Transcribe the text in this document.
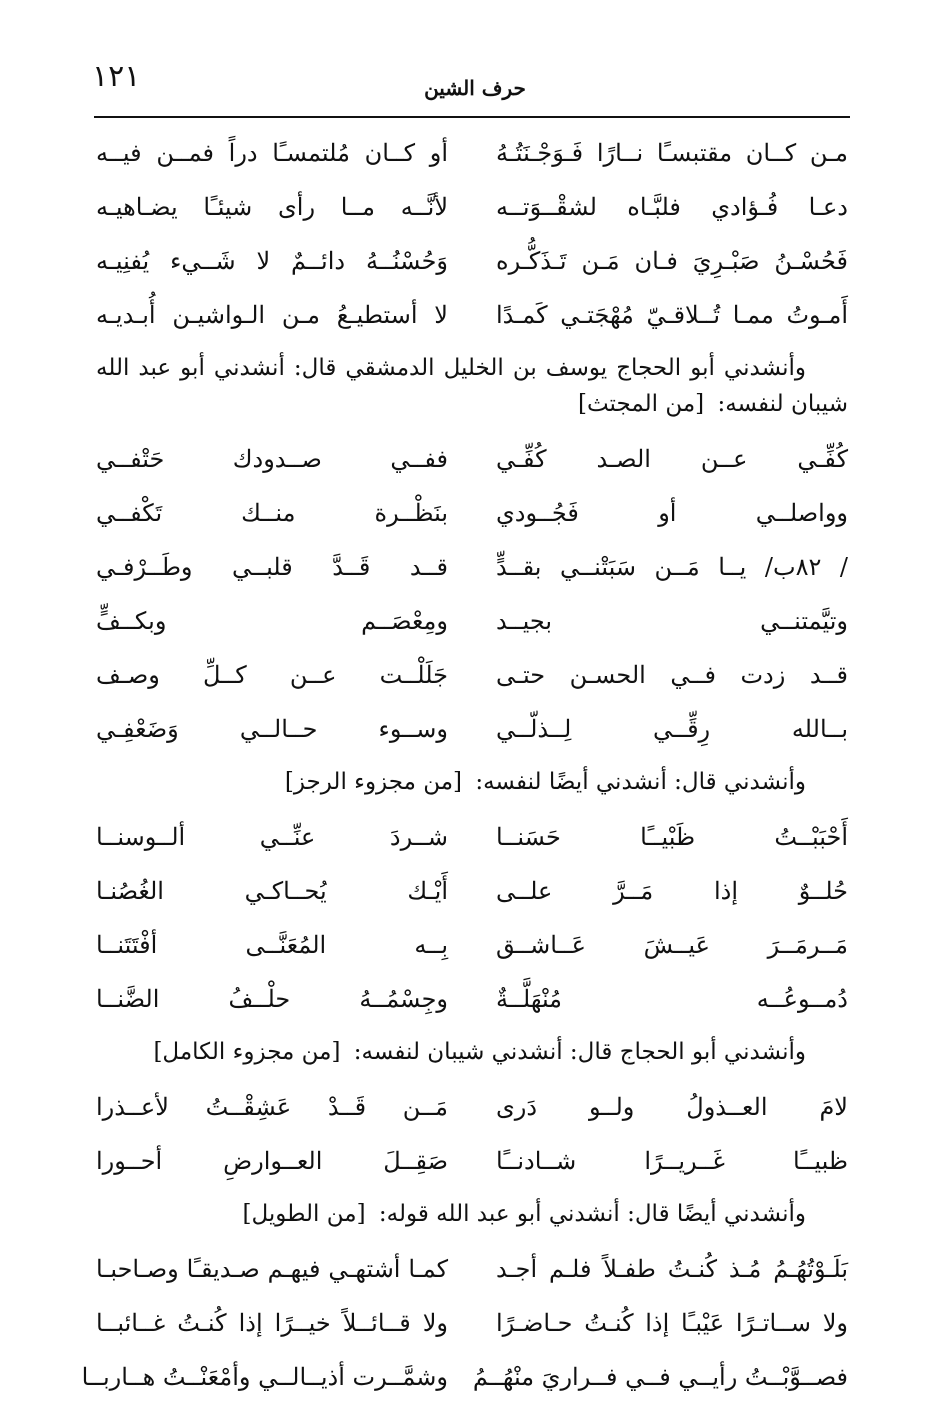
١٢١	حرف الشين
مـن كــان مقتبسـًا نــارًا فَـوَجْـنَتُـهُ
أو كــان مُلتمسـًا دراً فمــن فيــه
دعـا فُـؤادي فلبَّـاه لشقْــوَتــه
لأنَّــه مــا رأى شيئـًا يضـاهيـه
فَحُسْـنُ صَبْـرِيَ فـان مَـن تَـذَكُّـره
وَحُسْنُــهُ دائــمٌ لا شَــيء يُفنِيـه
أَمـوتُ ممـا تُــلاقـيّ مُهْجَتـي كَمـدًا
لا أستطيـعُ مـن الـواشيـن أُبـديـه

وأنشدني أبو الحجاج يوسف بن الخليل الدمشقي قال: أنشدني أبو عبد الله شيبان لنفسه: [من المجتث]

كُفِّـي عــن الصـد كُفِّـي
ففــي صــدودك حَتْفــي
وواصلــي أو فَجُــودي
بنَظْــرة منــك تَكْفــي
/ ٨٢ب/ يــا مَــن سَبَتْنــي بقــدٍّ
قــد قَــدَّ قلبــي وطَــرْفـي
وتيَّمتنــي بجيــد
ومِعْصَــم وبكــفٍّ
قــد زدت فــي الحسـن حتـى
جَلَلْــت عــن كــلِّ وصـف
بــالله رِقِّــي لِــذلّــي
وســوء حــالــي وَضَعْفِـي

وأنشدني قال: أنشدني أيضًا لنفسه: [من مجزوء الرجز]

أَحْبَبْــتُ ظَبْيــًا حَسَنــا
شــردَ عنِّــي ألــوسنــا
حُلــوٌ إذا مَــرَّ علــى
أَيْـك يُحــاكـي الغُصُنـا
مَــرمَــرَ عَيــشَ عَــاشــق
بِــه المُعَنَّــى أفْتَتَنــا
دُمــوعُــه مُنْهَلَّــةٌ
وجِسْمُــهُ حلْــفُ الضَّنــا

وأنشدني أبو الحجاج قال: أنشدني شيبان لنفسه: [من مجزوء الكامل]

لامَ العــذولُ ولــو دَرى
مَــن قَــدْ عَشِقْــتُ لأعــذرا
ظبيــًا غَــريــرًا شــادنــًا
صَقِــلَ العــوارضِ أحــورا

وأنشدني أيضًا قال: أنشدني أبو عبد الله قوله: [من الطويل]

بَلَـوْتُهُـمُ مُـذ كُنـتُ طفـلاً فلـم أجـد
كمـا أشتهـي فيهـم صـديقـًا وصـاحبـا
ولا ســاتـرًا عَيْبـًا إذا كُنـتُ حـاضـرًا
ولا قــائــلاً خيــرًا إذا كُنـتُ غــائبــا
فصــوَّبْــتُ رأيــي فــي فــراريَ منْهُــمُ
وشمَّــرت أذيــالــي وأمْعَنْــتُ هــاربــا
